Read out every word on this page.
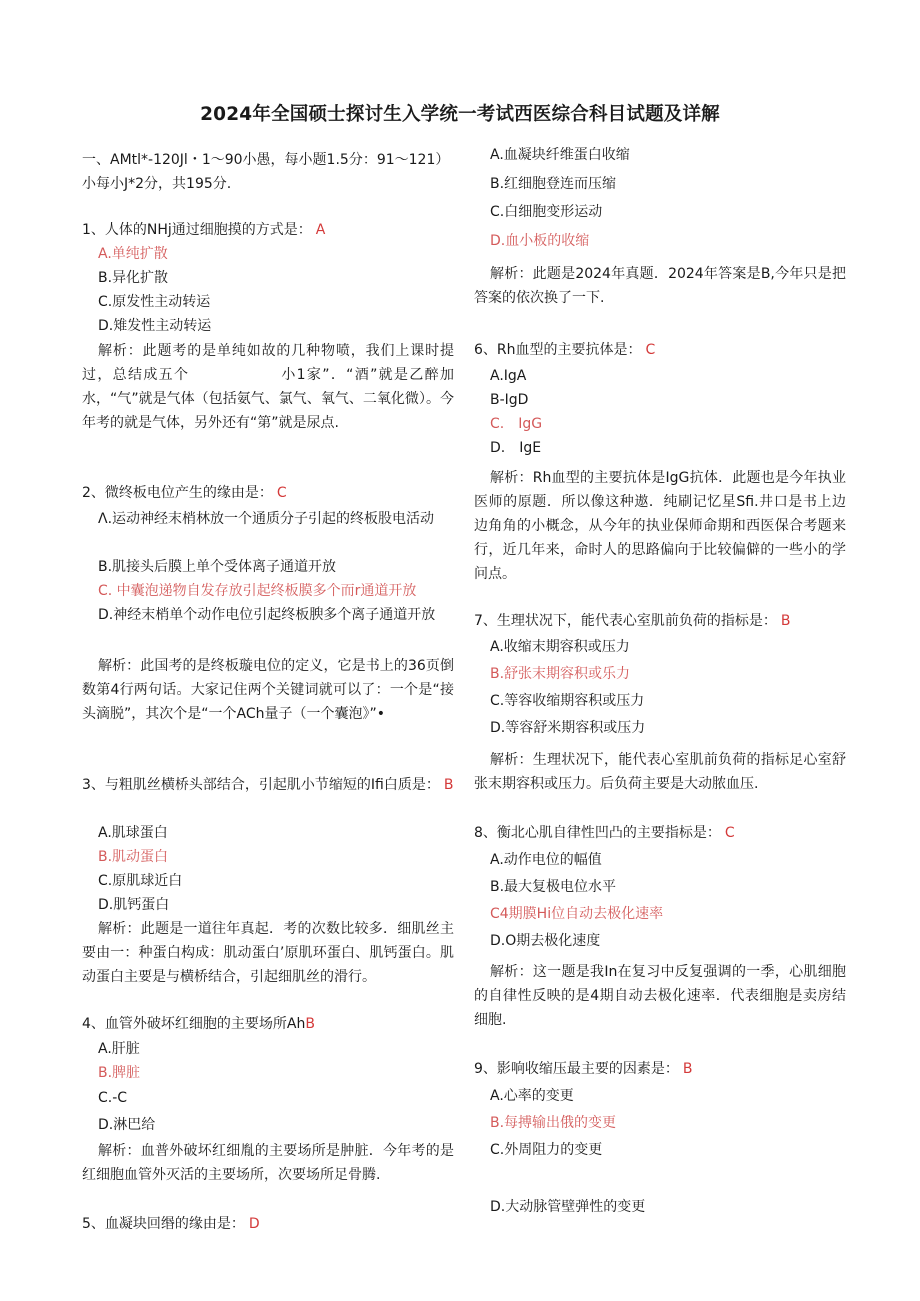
2024年全国硕士探讨生入学统一考试西医综合科目试题及详解
一、AMtl*-120Jl・1〜90小愚，每小题1.5分：91〜121）小每小J*2分，共195分.
1、人体的NHj通过细胞摸的方式是： A
A.单纯扩散
B.异化扩散
C.原发性主动转运
D.雉发性主动转运
解析：此题考的是单纯如故的几种物喷，我们上课时提过，总结成五个　　　　　　小1家”．“酒”就是乙醉加水，“气”就是气体（包括氨气、氯气、氧气、二氧化微）。今年考的就是气体，另外还有“第”就是尿点.
2、微终板电位产生的缘由是： C
Λ.运动神经末梢林放一个通质分子引起的终板股电活动
B.肌接头后膜上单个受体离子通道开放
C. 中囊泡递物自发存放引起终板膜多个而r通道开放
D.神经末梢单个动作电位引起终板腴多个离子通道开放
解析：此国考的是终板璇电位的定义，它是书上的36页倒数第4行两句话。大家记住两个关键词就可以了：一个是“接头滴脱”，其次个是“一个ACh量子（一个囊泡》”•
3、与粗肌丝横桥头部结合，引起肌小节缩短的Ifi白质是： B
A.肌球蛋白
B.肌动蛋白
C.原肌球近白
D.肌钙蛋白
解析：此题是一道往年真起．考的次数比较多．细肌丝主要由一：种蛋白构成：肌动蛋白’原肌环蛋白、肌钙蛋白。肌动蛋白主要是与横桥结合，引起细肌丝的滑行。
4、血管外破坏红细胞的主要场所AhB
A.肝脏
B.脾脏
C.-C
D.淋巴给
解析：血普外破坏红细胤的主要场所是肿脏．今年考的是红细胞血管外灭活的主要场所，次要场所足骨腾.
5、血凝块回缗的缘由是： D
A.血凝块纤维蛋白收缩
B.红细胞登连而压缩
C.白细胞变形运动
D.血小板的收缩
解析：此题是2024年真题．2024年答案是B,今年只是把答案的依次换了一下.
6、Rh血型的主要抗体是： C
A.IgA
B-IgD
C.　IgG
D.　IgE
解析：Rh血型的主要抗体是IgG抗体．此题也是今年执业医师的原题．所以像这种遨．纯刷记忆星Sfi.井口是书上边边角角的小概念，从今年的执业保师命期和西医保合考题来行，近几年来，命时人的思路偏向于比较偏僻的一些小的学问点。
7、生理状况下，能代表心室肌前负荷的指标是： B
A.收缩末期容积或压力
B.舒张末期容积或乐力
C.等容收缩期容积或压力
D.等容舒米期容积或压力
解析：生理状况下，能代表心室肌前负荷的指标足心室舒张末期容积或压力。后负荷主要是大动脓血压.
8、衡北心肌自律性凹凸的主要指标是： C
A.动作电位的幅值
B.最大复极电位水平
C4期膜Hi位自动去极化速率
D.O期去极化速度
解析：这一题是我In在复习中反复强调的一季，心肌细胞的自律性反映的是4期自动去极化速率．代表细胞是卖房结细胞.
9、影响收缩压最主要的因素是： B
A.心率的变更
B.每搏输出俄的变更
C.外周阻力的变更
D.大动脉管壁弹性的变更
